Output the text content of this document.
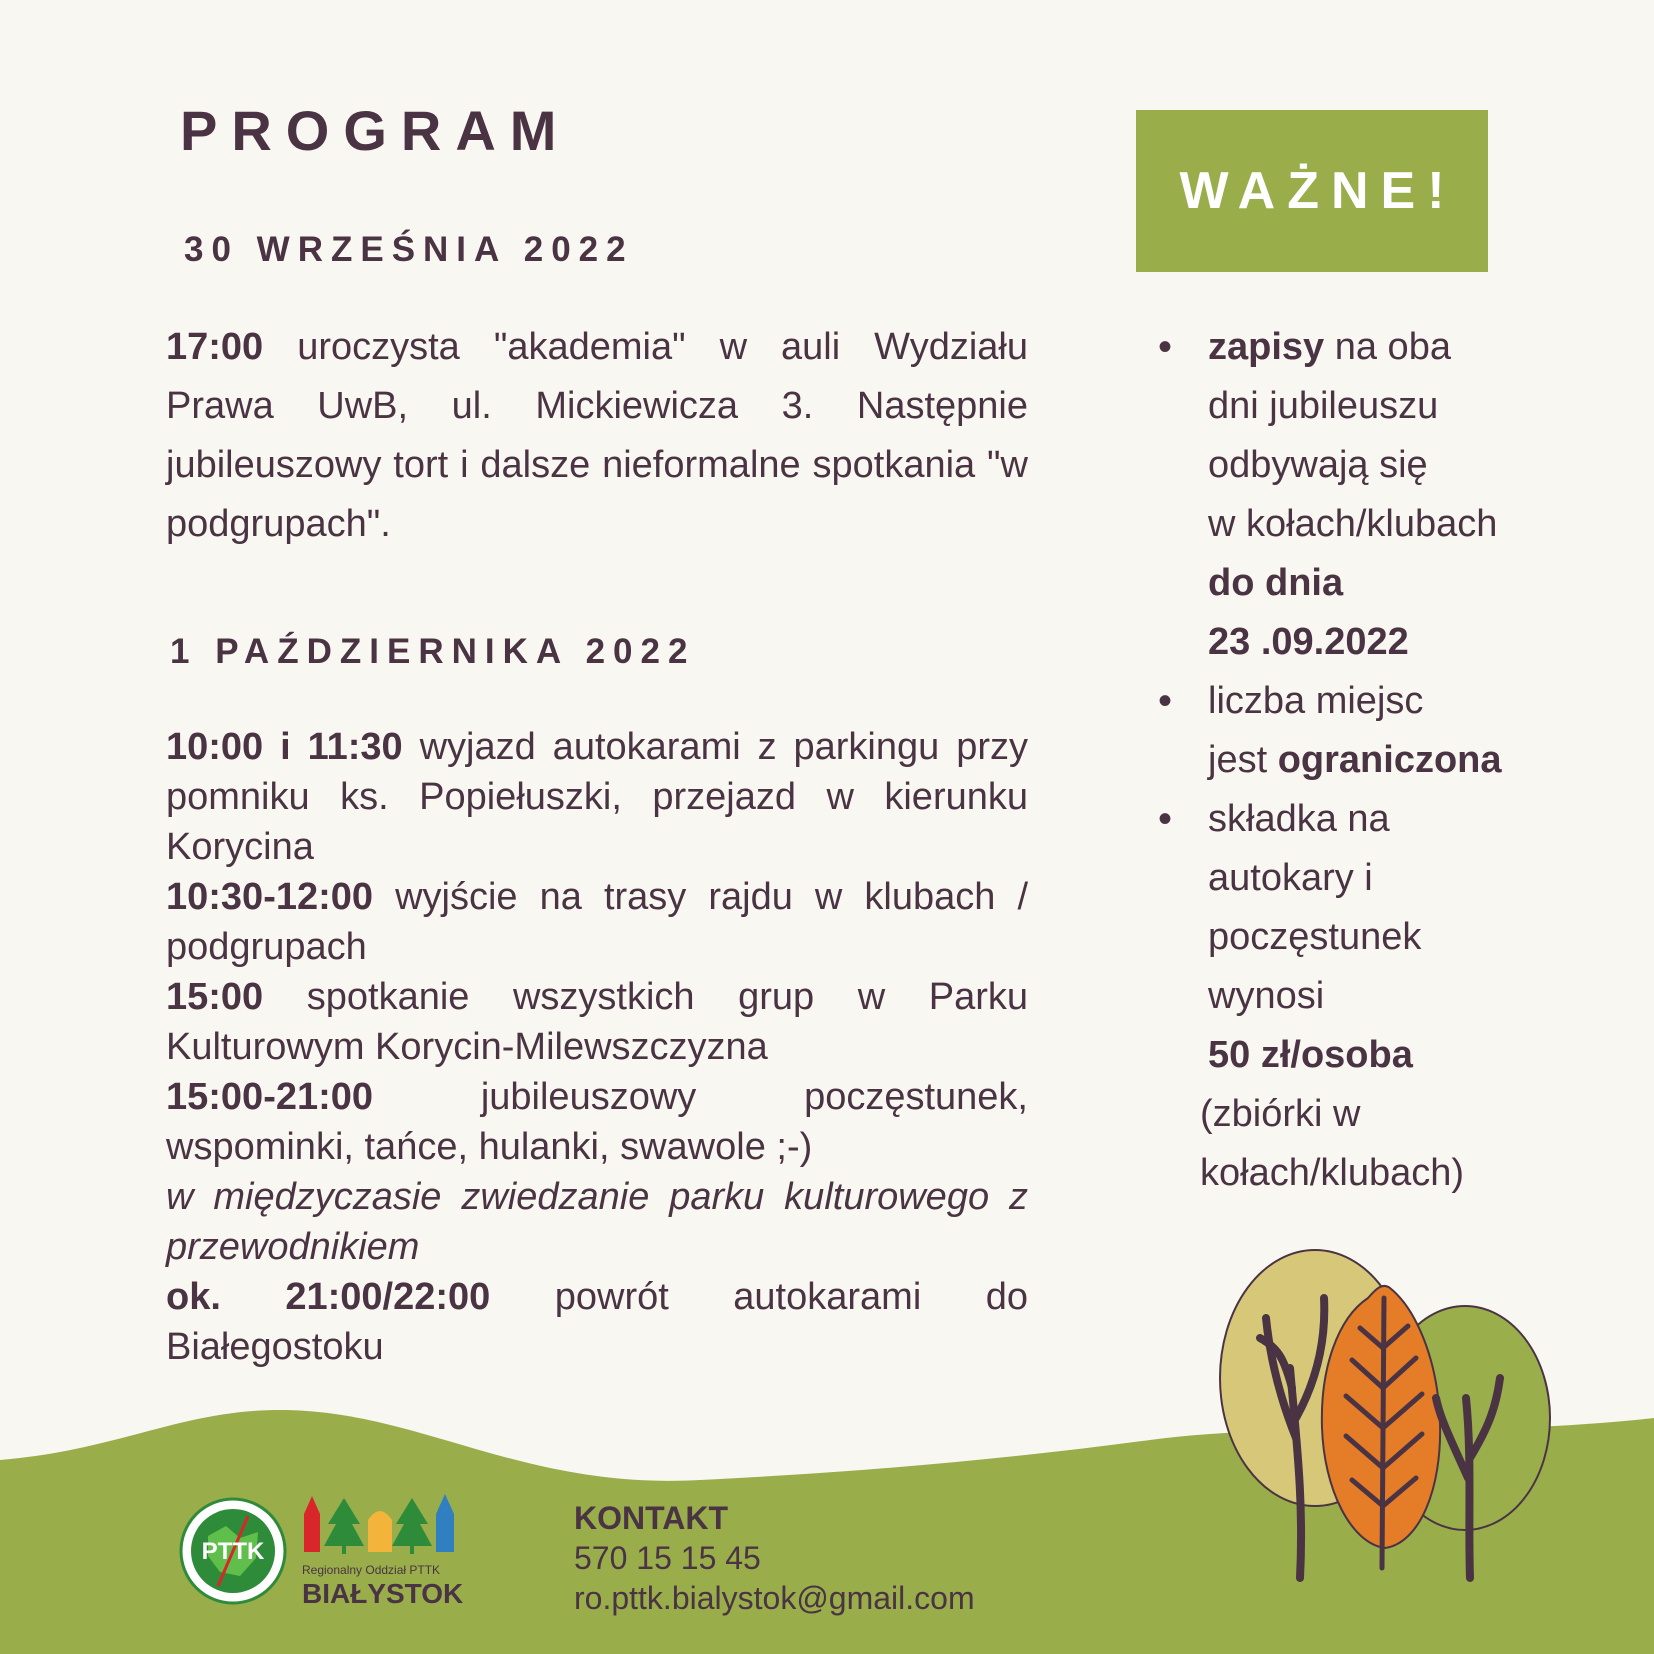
PROGRAM
30 WRZEŚNIA 2022

17:00 uroczysta "akademia" w auli Wydziału Prawa UwB, ul. Mickiewicza 3. Następnie jubileuszowy tort i dalsze nieformalne spotkania "w podgrupach".

1 PAŹDZIERNIKA 2022
10:00 i 11:30 wyjazd autokarami z parkingu przy pomniku ks. Popiełuszki, przejazd w kierunku Korycina
10:30-12:00 wyjście na trasy rajdu w klubach / podgrupach
15:00 spotkanie wszystkich grup w Parku Kulturowym Korycin-Milewszczyzna
15:00-21:00 jubileuszowy poczęstunek, wspominki, tańce, hulanki, swawole ;-)
w międzyczasie zwiedzanie parku kulturowego z przewodnikiem
ok. 21:00/22:00 powrót autokarami do Białegostoku
WAŻNE!
• zapisy na oba
dni jubileuszu
odbywają się
w kołach/klubach
do dnia
23 .09.2022
• liczba miejsc
jest ograniczona
• składka na
autokary i
poczęstunek
wynosi
50 zł/osoba
(zbiórki w
kołach/klubach)
PTTK
Regionalny Oddział PTTK
BIAŁYSTOK
KONTAKT
570 15 15 45
ro.pttk.bialystok@gmail.com
